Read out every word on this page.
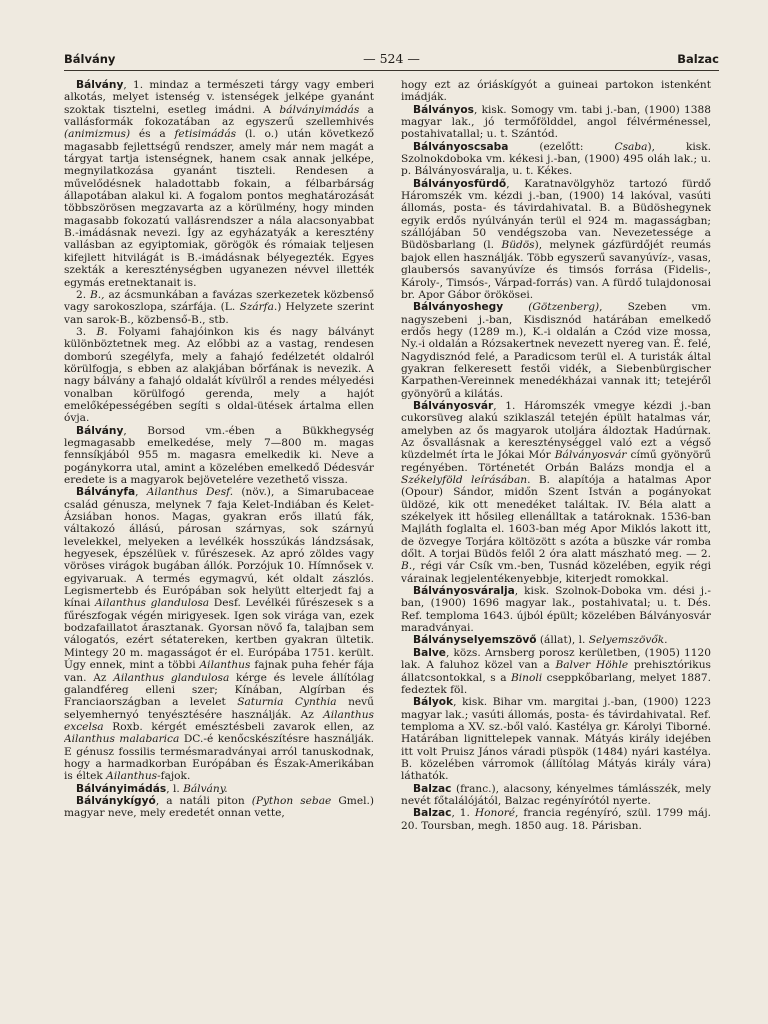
Bálvány	— 524 —	Balzac

Bálvány, 1. mindaz a természeti tárgy vagy emberi alkotás, melyet istenség v. istenségek jelképe gyanánt szoktak tisztelni, esetleg imádni. A bálványimádás a vallásformák fokozatában az egyszerű szellemhivés (animizmus) és a fetisimádás (l. o.) után következő magasabb fejlettségű rendszer, amely már nem magát a tárgyat tartja istenségnek, hanem csak annak jelképe, megnyilatkozása gyanánt tiszteli. Rendesen a művelődésnek haladottabb fokain, a félbarbárság állapotában alakul ki. A fogalom pontos meghatározását többszörösen megzavarta az a körülmény, hogy minden magasabb fokozatú vallásrendszer a nála alacsonyabbat B.-imádásnak nevezi. Így az egyházatyák a keresztény vallásban az egyiptomiak, görögök és rómaiak teljesen kifejlett hitvilágát is B.-imádásnak bélyegezték. Egyes szekták a kereszténységben ugyanezen névvel illették egymás eretnektanait is.

2. B., az ácsmunkában a favázas szerkezetek közbenső vagy sarokoszlopa, szárfája. (L. Szárfa.) Helyzete szerint van sarok-B., közbenső-B., stb.

3. B. Folyami fahajóinkon kis és nagy bálványt különböztetnek meg. Az előbbi az a vastag, rendesen domború szegélyfa, mely a fahajó fedélzetét oldalról körülfogja, s ebben az alakjában bőrfának is nevezik. A nagy bálvány a fahajó oldalát kívülről a rendes mélyedési vonalban körülfogó gerenda, mely a hajót emelőképességében segíti s oldal-ütések ártalma ellen óvja.

Bálvány, Borsod vm.-ében a Bükkhegység legmagasabb emelkedése, mely 7—800 m. magas fennsíkjából 955 m. magasra emelkedik ki. Neve a pogánykorra utal, amint a közelében emelkedő Dédesvár eredete is a magyarok bejövetelére vezethető vissza.

Bálványfa, Ailanthus Desf. (növ.), a Simarubaceae család génusza, melynek 7 faja Kelet-Indiában és Kelet-Ázsiában honos. Magas, gyakran erős illatú fák, váltakozó állású, párosan szárnyas, sok szárnyú levelekkel, melyeken a levélkék hosszúkás lándzsásak, hegyesek, épszélüek v. fűrészesek. Az apró zöldes vagy vöröses virágok bugában állók. Porzójuk 10. Hímnősek v. egyivaruak. A termés egymagvú, két oldalt zászlós. Legismertebb és Európában sok helyütt elterjedt faj a kínai Ailanthus glandulosa Desf. Levélkéi fűrészesek s a fűrészfogak végén mirigyesek. Igen sok virága van, ezek bodzafaillatot árasztanak. Gyorsan növő fa, talajban sem válogatós, ezért sétatereken, kertben gyakran ültetik. Mintegy 20 m. magasságot ér el. Európába 1751. került. Úgy ennek, mint a többi Ailanthus fajnak puha fehér fája van. Az Ailanthus glandulosa kérge és levele állítólag galandféreg elleni szer; Kínában, Algírban és Franciaországban a levelet Saturnia Cynthia nevű selyemhernyó tenyésztésére használják. Az Ailanthus excelsa Roxb. kérgét emésztésbeli zavarok ellen, az Ailanthus malabarica DC.-é kenőcskészítésre használják. E génusz fossilis termésmaradványai arról tanuskodnak, hogy a harmadkorban Európában és Észak-Amerikában is éltek Ailanthus-fajok.

Bálványimádás, l. Bálvány.

Bálványkígyó, a natáli piton (Python sebae Gmel.) magyar neve, mely eredetét onnan vette,

hogy ezt az óriáskígyót a guineai partokon istenként imádják.

Bálványos, kisk. Somogy vm. tabi j.-ban, (1900) 1388 magyar lak., jó termőfölddel, angol félvérménessel, postahivatallal; u. t. Szántód.

Bálványoscsaba (ezelőtt: Csaba), kisk. Szolnokdoboka vm. kékesi j.-ban, (1900) 495 oláh lak.; u. p. Bálványosváralja, u. t. Kékes.

Bálványosfürdő, Karatnavölgyhöz tartozó fürdő Háromszék vm. kézdi j.-ban, (1900) 14 lakóval, vasúti állomás, posta- és távirdahivatal. B. a Büdöshegynek egyik erdős nyúlványán terül el 924 m. magasságban; szállójában 50 vendégszoba van. Nevezetessége a Büdösbarlang (l. Büdös), melynek gázfürdőjét reumás bajok ellen használják. Több egyszerű savanyúvíz-, vasas, glaubersós savanyúvíze és timsós forrása (Fidelis-, Károly-, Timsós-, Várpad-forrás) van. A fürdő tulajdonosai br. Apor Gábor örökösei.

Bálványoshegy (Götzenberg), Szeben vm. nagyszebeni j.-ban, Kisdisznód határában emelkedő erdős hegy (1289 m.), K.-i oldalán a Czód vize mossa, Ny.-i oldalán a Rózsakertnek nevezett nyereg van. É. felé, Nagydisznód felé, a Paradicsom terül el. A turisták által gyakran felkeresett festői vidék, a Siebenbürgischer Karpathen-Vereinnek menedékházai vannak itt; tetejéről gyönyörű a kilátás.

Bálványosvár, 1. Háromszék vmegye kézdi j.-ban cukorsüveg alakú sziklaszál tetején épült hatalmas vár, amelyben az ős magyarok utoljára áldoztak Hadúrnak. Az ősvallásnak a kereszténységgel való ezt a végső küzdelmét írta le Jókai Mór Bálványosvár című gyönyörű regényében. Történetét Orbán Balázs mondja el a Székelyföld leírásában. B. alapítója a hatalmas Apor (Opour) Sándor, midőn Szent István a pogányokat üldözé, kik ott menedéket találtak. IV. Béla alatt a székelyek itt hősileg ellenálltak a tatároknak. 1536-ban Majláth foglalta el. 1603-ban még Apor Miklós lakott itt, de özvegye Torjára költözött s azóta a büszke vár romba dőlt. A torjai Büdös felől 2 óra alatt mászható meg. — 2. B., régi vár Csík vm.-ben, Tusnád közelében, egyik régi várainak legjelentékenyebbje, kiterjedt romokkal.

Bálványosváralja, kisk. Szolnok-Doboka vm. dési j.-ban, (1900) 1696 magyar lak., postahivatal; u. t. Dés. Ref. temploma 1643. újból épült; közelében Bálványosvár maradványai.

Bálványselyemszövő (állat), l. Selyemszövők.

Balve, közs. Arnsberg porosz kerületben, (1905) 1120 lak. A faluhoz közel van a Balver Höhle prehisztórikus állatcsontokkal, s a Binoli cseppkőbarlang, melyet 1887. fedeztek föl.

Bályok, kisk. Bihar vm. margitai j.-ban, (1900) 1223 magyar lak.; vasúti állomás, posta- és távirdahivatal. Ref. temploma a XV. sz.-ből való. Kastélya gr. Károlyi Tiborné. Határában lignittelepek vannak. Mátyás király idejében itt volt Pruisz János váradi püspök (1484) nyári kastélya. B. közelében várromok (állítólag Mátyás király vára) láthatók.

Balzac (franc.), alacsony, kényelmes támlásszék, mely nevét főtalálójától, Balzac regényírótól nyerte.

Balzac, 1. Honoré, francia regényíró, szül. 1799 máj. 20. Toursban, megh. 1850 aug. 18. Párisban.
